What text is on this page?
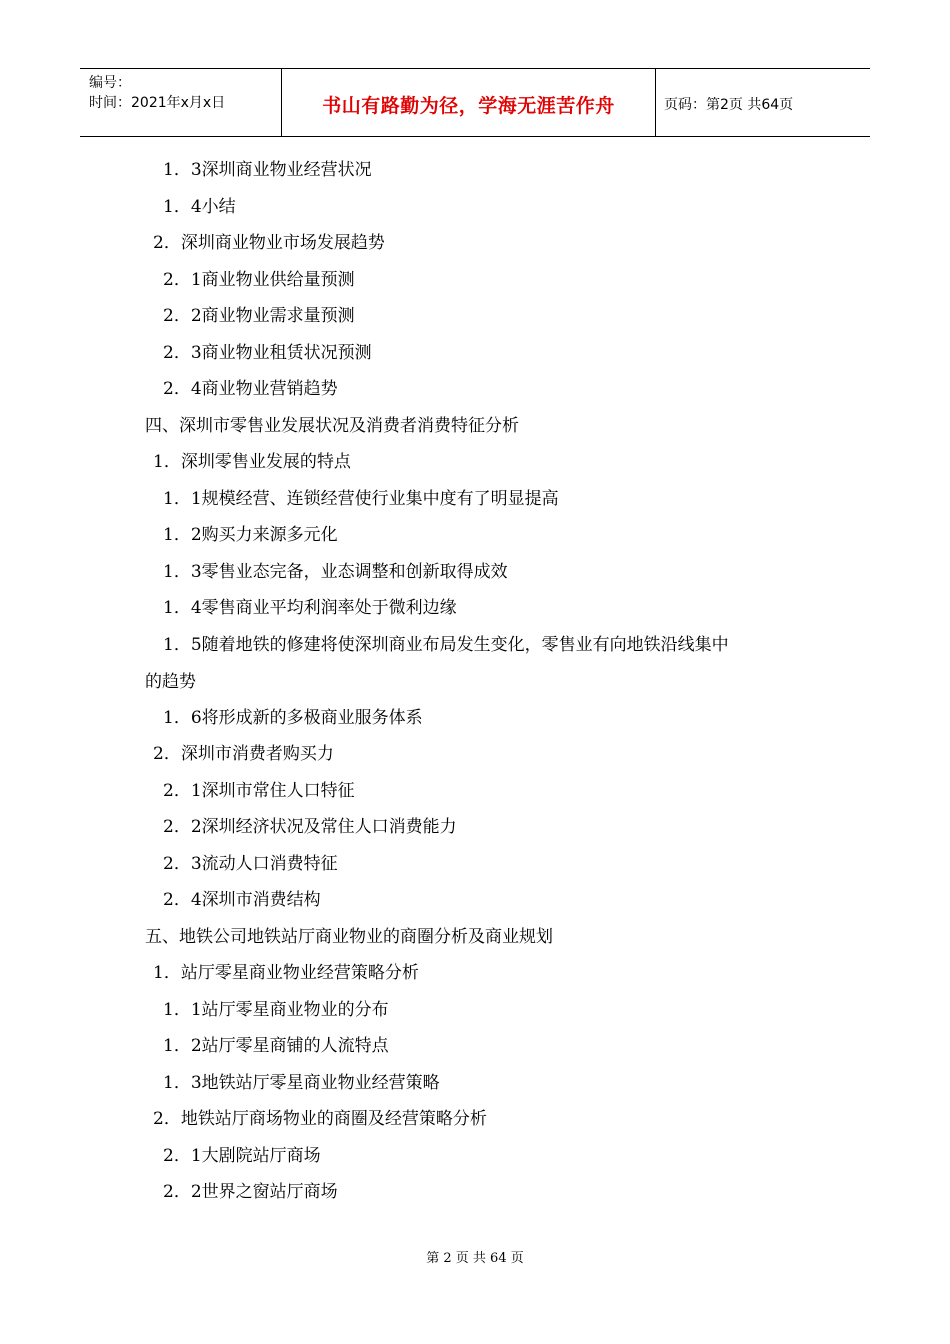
编号：
时间：2021年x月x日	书山有路勤为径，学海无涯苦作舟	页码：第2页 共64页
1．3深圳商业物业经营状况
1．4小结
2．深圳商业物业市场发展趋势
2．1商业物业供给量预测
2．2商业物业需求量预测
2．3商业物业租赁状况预测
2．4商业物业营销趋势
四、深圳市零售业发展状况及消费者消费特征分析
1．深圳零售业发展的特点
1．1规模经营、连锁经营使行业集中度有了明显提高
1．2购买力来源多元化
1．3零售业态完备，业态调整和创新取得成效
1．4零售商业平均利润率处于微利边缘
1．5随着地铁的修建将使深圳商业布局发生变化，零售业有向地铁沿线集中
的趋势
1．6将形成新的多极商业服务体系
2．深圳市消费者购买力
2．1深圳市常住人口特征
2．2深圳经济状况及常住人口消费能力
2．3流动人口消费特征
2．4深圳市消费结构
五、地铁公司地铁站厅商业物业的商圈分析及商业规划
1．站厅零星商业物业经营策略分析
1．1站厅零星商业物业的分布
1．2站厅零星商铺的人流特点
1．3地铁站厅零星商业物业经营策略
2．地铁站厅商场物业的商圈及经营策略分析
2．1大剧院站厅商场
2．2世界之窗站厅商场
第 2 页 共 64 页
